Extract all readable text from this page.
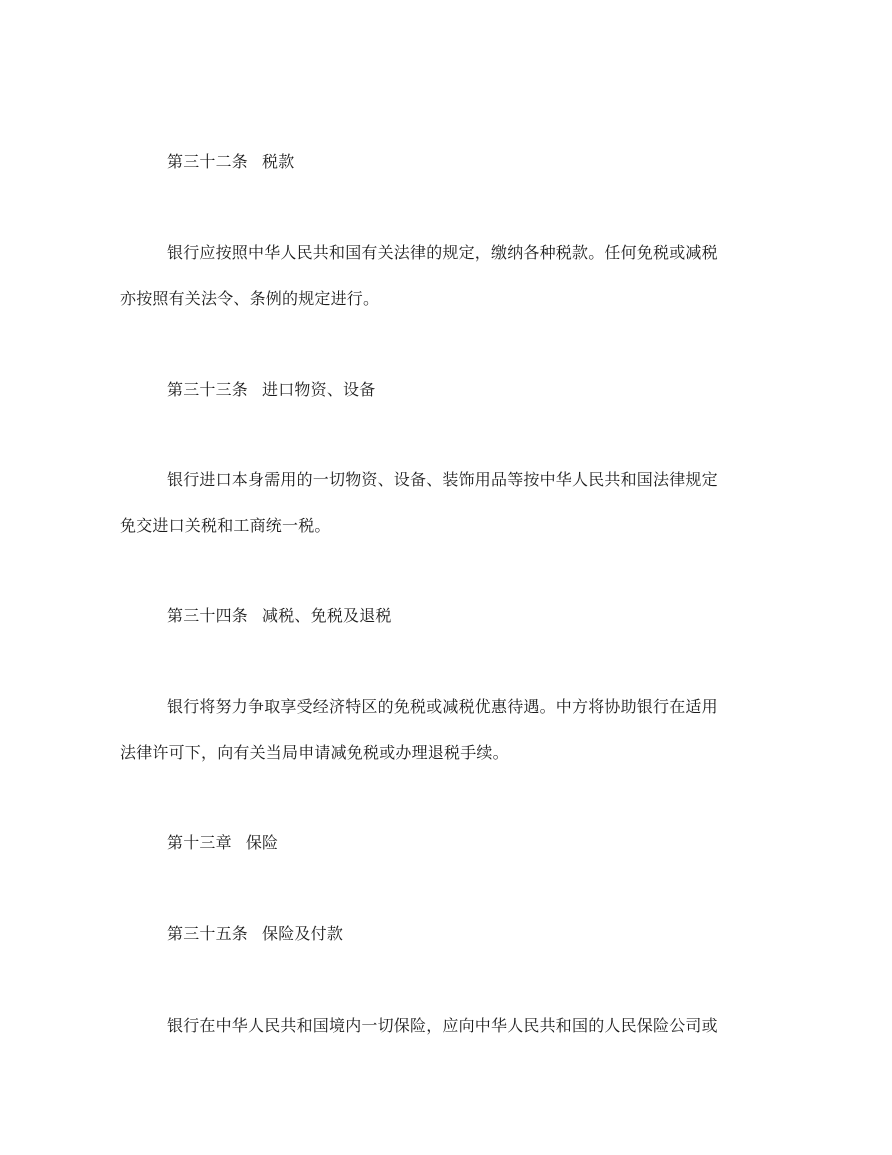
第三十二条 税款
银行应按照中华人民共和国有关法律的规定，缴纳各种税款。任何免税或减税
亦按照有关法令、条例的规定进行。
第三十三条 进口物资、设备
银行进口本身需用的一切物资、设备、装饰用品等按中华人民共和国法律规定
免交进口关税和工商统一税。
第三十四条 减税、免税及退税
银行将努力争取享受经济特区的免税或减税优惠待遇。中方将协助银行在适用
法律许可下，向有关当局申请减免税或办理退税手续。
第十三章 保险
第三十五条 保险及付款
银行在中华人民共和国境内一切保险，应向中华人民共和国的人民保险公司或
